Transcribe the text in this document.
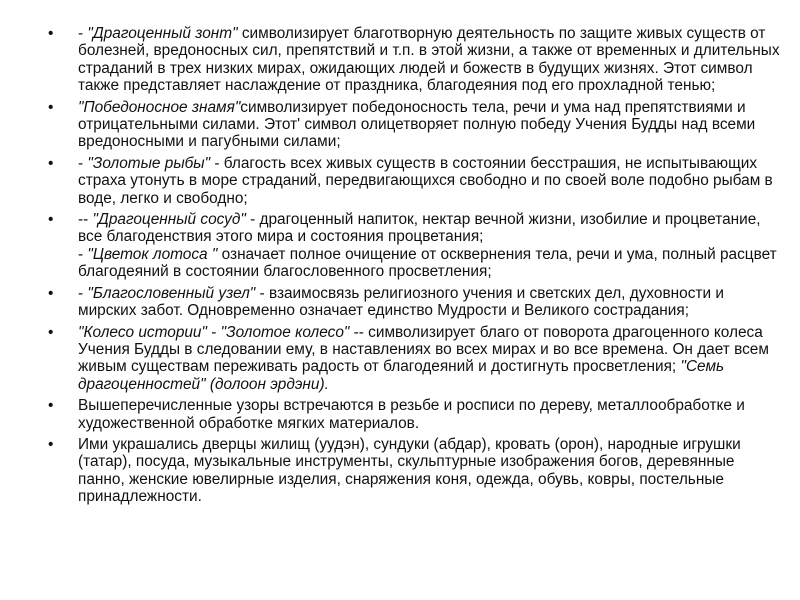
•	- "Драгоценный зонт" символизирует благотворную деятельность по защите живых существ от болезней, вредоносных сил, препятствий и т.п. в этой жизни, а также от временных и длительных страданий в трех низких мирах, ожидающих людей и божеств в будущих жизнях. Этот символ также представляет наслаждение от праздника, благодеяния под его прохладной тенью;
•	"Победоносное знамя"символизирует победоносность тела, речи и ума над препятствиями и отрицательными силами. Этот' символ олицетворяет полную победу Учения Будды над всеми вредоносными и пагубными силами;
•	- "Золотые рыбы" - благость всех живых существ в состоянии бесстрашия, не испытывающих страха утонуть в море страданий, передвигающихся свободно и по своей воле подобно рыбам в воде, легко и свободно;
•	-- "Драгоценный сосуд" - драгоценный напиток, нектар вечной жизни, изобилие и процветание, все благоденствия этого мира и состояния процветания;
- "Цветок лотоса " означает полное очищение от осквернения тела, речи и ума, полный расцвет благодеяний в состоянии благословенного просветления;
•	- "Благословенный узел" - взаимосвязь религиозного учения и светских дел, духовности и мирских забот. Одновременно означает единство Мудрости и Великого сострадания;
•	"Колесо истории" - "Золотое колесо" -- символизирует благо от поворота драгоценного колеса Учения Будды в следовании ему, в наставлениях во всех мирах и во все времена. Он дает всем живым существам переживать радость от благодеяний и достигнуть просветления; "Семь драгоценностей" (долоон эрдэни).
•	Вышеперечисленные узоры встречаются в резьбе и росписи по дереву, металлообработке и художественной обработке мягких материалов.
•	Ими украшались дверцы жилищ (уудэн), сундуки (абдар), кровать (орон), народные игрушки (татар), посуда, музыкальные инструменты, скульптурные изображения богов, деревянные панно, женские ювелирные изделия, снаряжения коня, одежда, обувь, ковры, постельные принадлежности.
